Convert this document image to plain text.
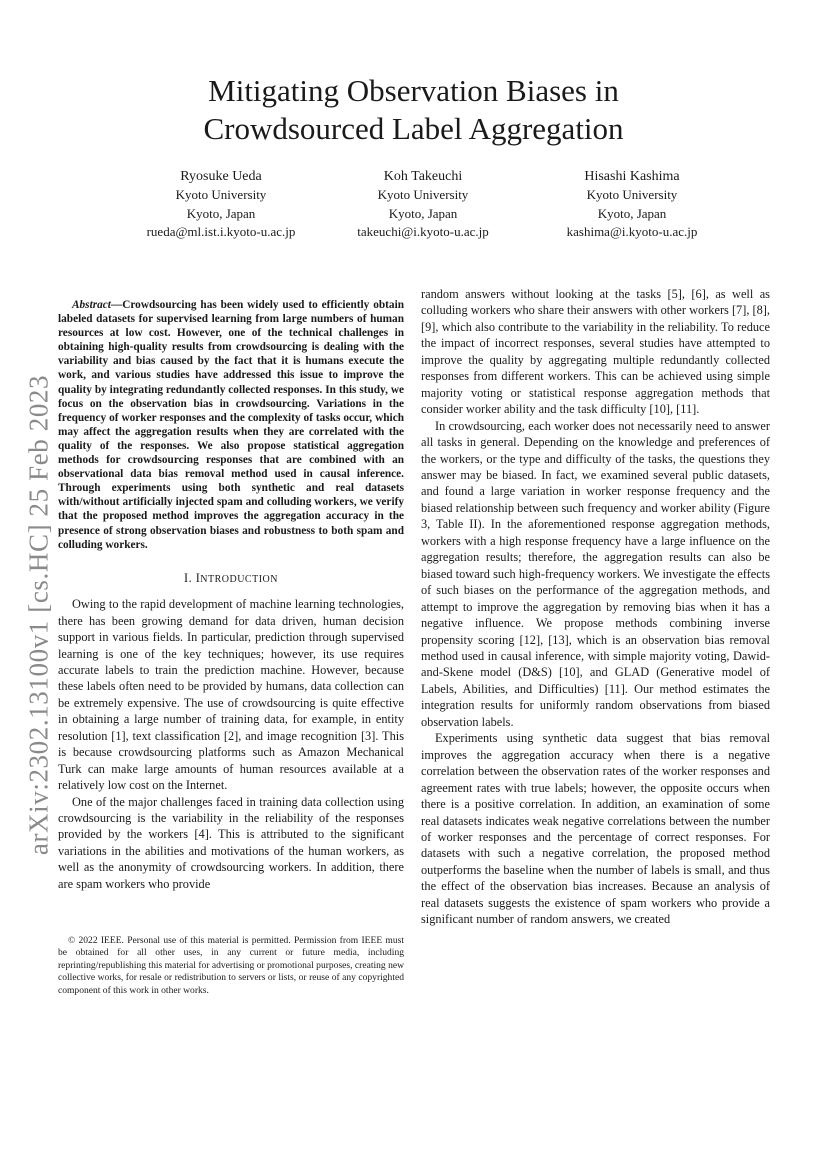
Mitigating Observation Biases in
Crowdsourced Label Aggregation
Ryosuke Ueda
Kyoto University
Kyoto, Japan
rueda@ml.ist.i.kyoto-u.ac.jp
Koh Takeuchi
Kyoto University
Kyoto, Japan
takeuchi@i.kyoto-u.ac.jp
Hisashi Kashima
Kyoto University
Kyoto, Japan
kashima@i.kyoto-u.ac.jp
arXiv:2302.13100v1 [cs.HC] 25 Feb 2023

Abstract—Crowdsourcing has been widely used to efficiently obtain labeled datasets for supervised learning from large numbers of human resources at low cost. However, one of the technical challenges in obtaining high-quality results from crowdsourcing is dealing with the variability and bias caused by the fact that it is humans execute the work, and various studies have addressed this issue to improve the quality by integrating redundantly collected responses. In this study, we focus on the observation bias in crowdsourcing. Variations in the frequency of worker responses and the complexity of tasks occur, which may affect the aggregation results when they are correlated with the quality of the responses. We also propose statistical aggregation methods for crowdsourcing responses that are combined with an observational data bias removal method used in causal inference. Through experiments using both synthetic and real datasets with/without artificially injected spam and colluding workers, we verify that the proposed method improves the aggregation accuracy in the presence of strong observation biases and robustness to both spam and colluding workers.

I. INTRODUCTION

Owing to the rapid development of machine learning technologies, there has been growing demand for data driven, human decision support in various fields. In particular, prediction through supervised learning is one of the key techniques; however, its use requires accurate labels to train the prediction machine. However, because these labels often need to be provided by humans, data collection can be extremely expensive. The use of crowdsourcing is quite effective in obtaining a large number of training data, for example, in entity resolution [1], text classification [2], and image recognition [3]. This is because crowdsourcing platforms such as Amazon Mechanical Turk can make large amounts of human resources available at a relatively low cost on the Internet.

One of the major challenges faced in training data collection using crowdsourcing is the variability in the reliability of the responses provided by the workers [4]. This is attributed to the significant variations in the abilities and motivations of the human workers, as well as the anonymity of crowdsourcing workers. In addition, there are spam workers who provide

© 2022 IEEE. Personal use of this material is permitted. Permission from IEEE must be obtained for all other uses, in any current or future media, including reprinting/republishing this material for advertising or promotional purposes, creating new collective works, for resale or redistribution to servers or lists, or reuse of any copyrighted component of this work in other works.

random answers without looking at the tasks [5], [6], as well as colluding workers who share their answers with other workers [7], [8], [9], which also contribute to the variability in the reliability. To reduce the impact of incorrect responses, several studies have attempted to improve the quality by aggregating multiple redundantly collected responses from different workers. This can be achieved using simple majority voting or statistical response aggregation methods that consider worker ability and the task difficulty [10], [11].

In crowdsourcing, each worker does not necessarily need to answer all tasks in general. Depending on the knowledge and preferences of the workers, or the type and difficulty of the tasks, the questions they answer may be biased. In fact, we examined several public datasets, and found a large variation in worker response frequency and the biased relationship between such frequency and worker ability (Figure 3, Table II). In the aforementioned response aggregation methods, workers with a high response frequency have a large influence on the aggregation results; therefore, the aggregation results can also be biased toward such high-frequency workers. We investigate the effects of such biases on the performance of the aggregation methods, and attempt to improve the aggregation by removing bias when it has a negative influence. We propose methods combining inverse propensity scoring [12], [13], which is an observation bias removal method used in causal inference, with simple majority voting, Dawid-and-Skene model (D&S) [10], and GLAD (Generative model of Labels, Abilities, and Difficulties) [11]. Our method estimates the integration results for uniformly random observations from biased observation labels.

Experiments using synthetic data suggest that bias removal improves the aggregation accuracy when there is a negative correlation between the observation rates of the worker responses and agreement rates with true labels; however, the opposite occurs when there is a positive correlation. In addition, an examination of some real datasets indicates weak negative correlations between the number of worker responses and the percentage of correct responses. For datasets with such a negative correlation, the proposed method outperforms the baseline when the number of labels is small, and thus the effect of the observation bias increases. Because an analysis of real datasets suggests the existence of spam workers who provide a significant number of random answers, we created
